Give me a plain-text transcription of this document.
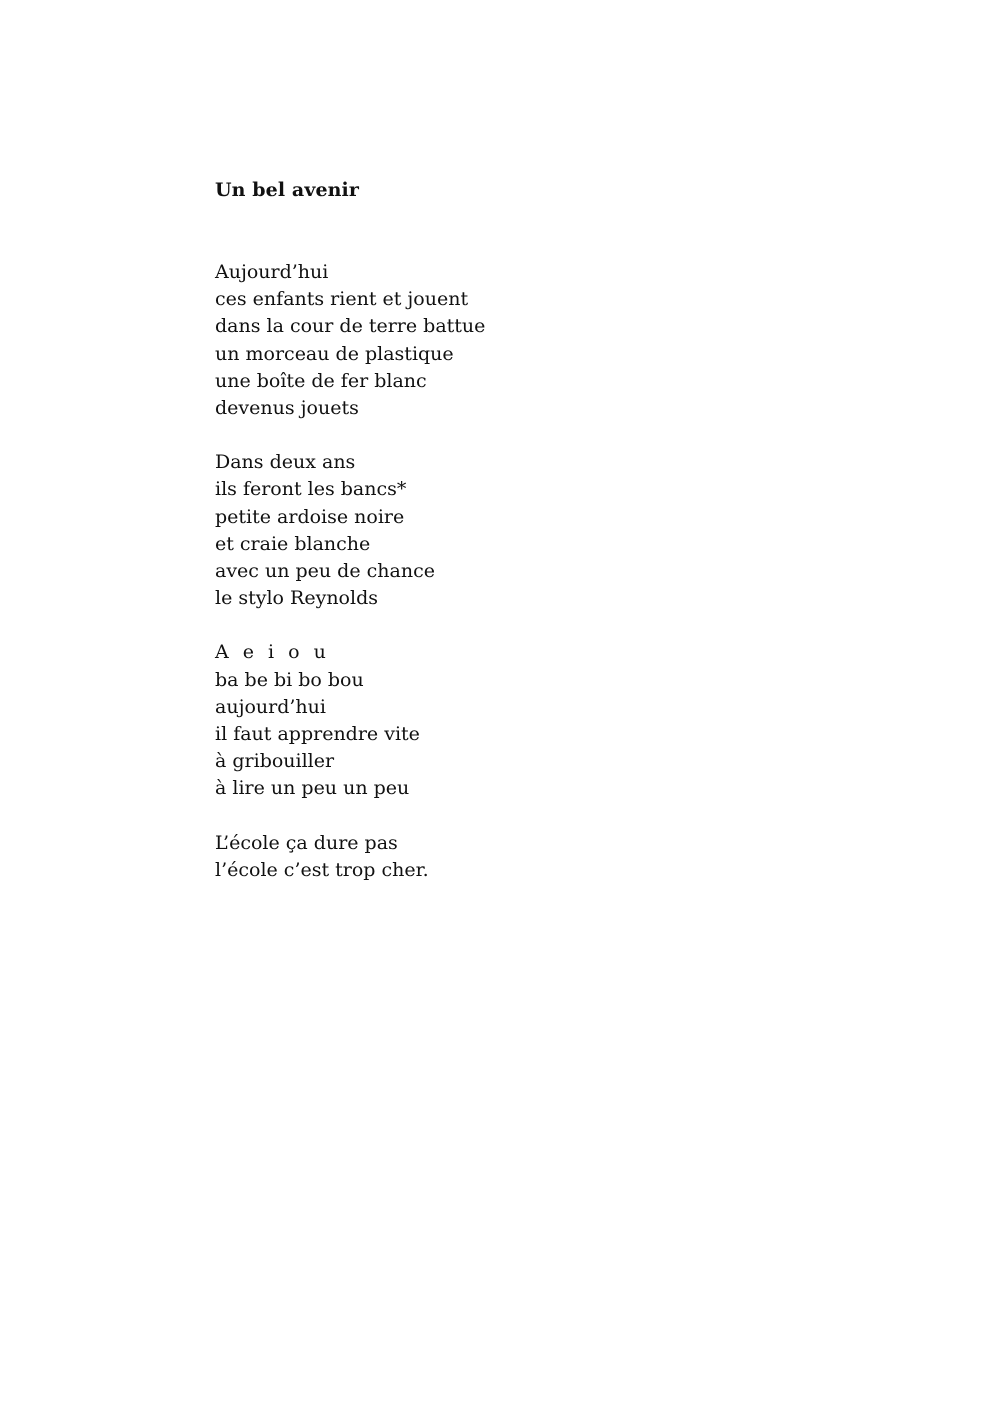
Un bel avenir
Aujourd’hui
ces enfants rient et jouent
dans la cour de terre battue
un morceau de plastique
une boîte de fer blanc
devenus jouets
Dans deux ans
ils feront les bancs*
petite ardoise noire
et craie blanche
avec un peu de chance
le stylo Reynolds
A e i o u
ba be bi bo bou
aujourd’hui
il faut apprendre vite
à gribouiller
à lire un peu un peu
L’école ça dure pas
l’école c’est trop cher.
